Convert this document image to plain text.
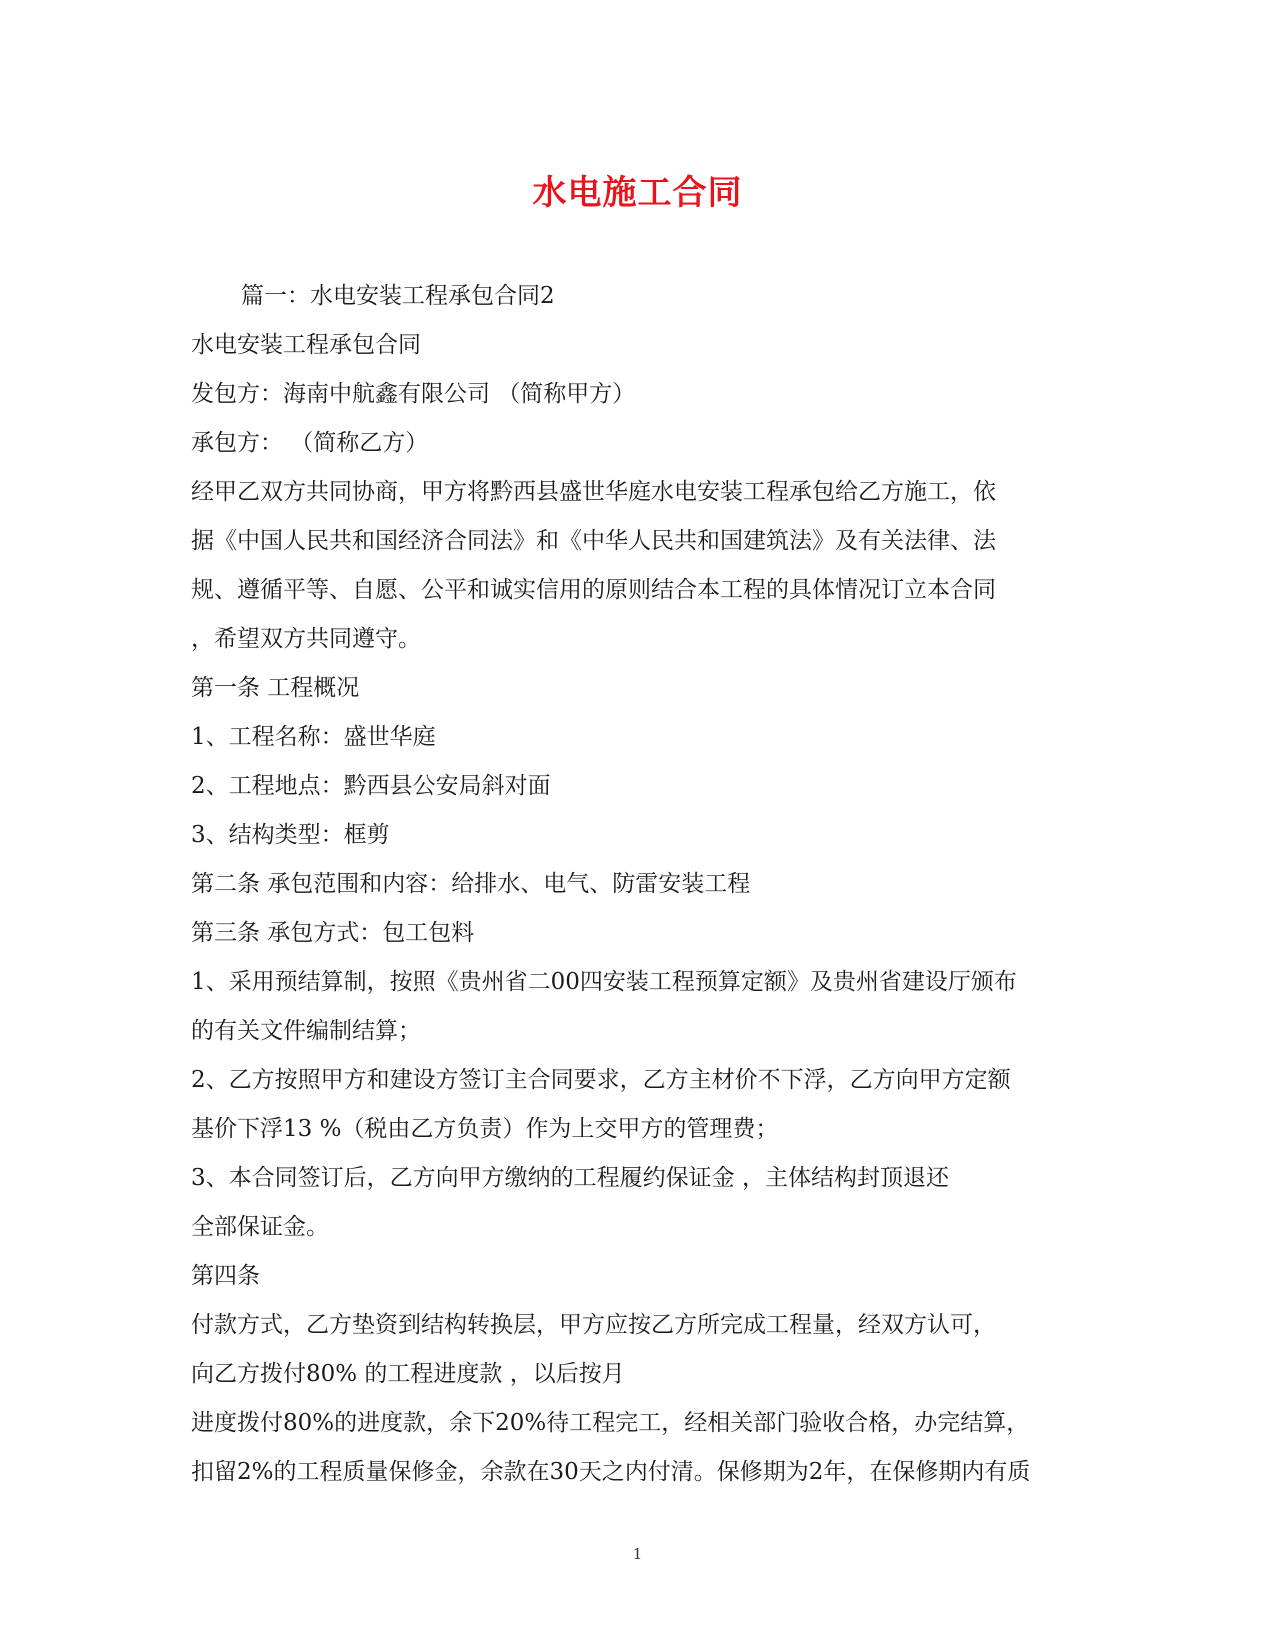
水电施工合同

篇一：水电安装工程承包合同2

水电安装工程承包合同

发包方：海南中航鑫有限公司 （简称甲方）

承包方： （简称乙方）

经甲乙双方共同协商，甲方将黔西县盛世华庭水电安装工程承包给乙方施工，依

据《中国人民共和国经济合同法》和《中华人民共和国建筑法》及有关法律、法

规、遵循平等、自愿、公平和诚实信用的原则结合本工程的具体情况订立本合同

，希望双方共同遵守。

第一条 工程概况

1、工程名称：盛世华庭

2、工程地点：黔西县公安局斜对面

3、结构类型：框剪

第二条 承包范围和内容：给排水、电气、防雷安装工程

第三条 承包方式：包工包料

1、采用预结算制，按照《贵州省二00四安装工程预算定额》及贵州省建设厅颁布

的有关文件编制结算；

2、乙方按照甲方和建设方签订主合同要求，乙方主材价不下浮，乙方向甲方定额

基价下浮13 %（税由乙方负责）作为上交甲方的管理费；

3、本合同签订后，乙方向甲方缴纳的工程履约保证金 ，主体结构封顶退还

全部保证金。

第四条

付款方式，乙方垫资到结构转换层，甲方应按乙方所完成工程量，经双方认可，

向乙方拨付80% 的工程进度款 ，以后按月

进度拨付80%的进度款，余下20%待工程完工，经相关部门验收合格，办完结算，

扣留2%的工程质量保修金，余款在30天之内付清。保修期为2年，在保修期内有质

1
